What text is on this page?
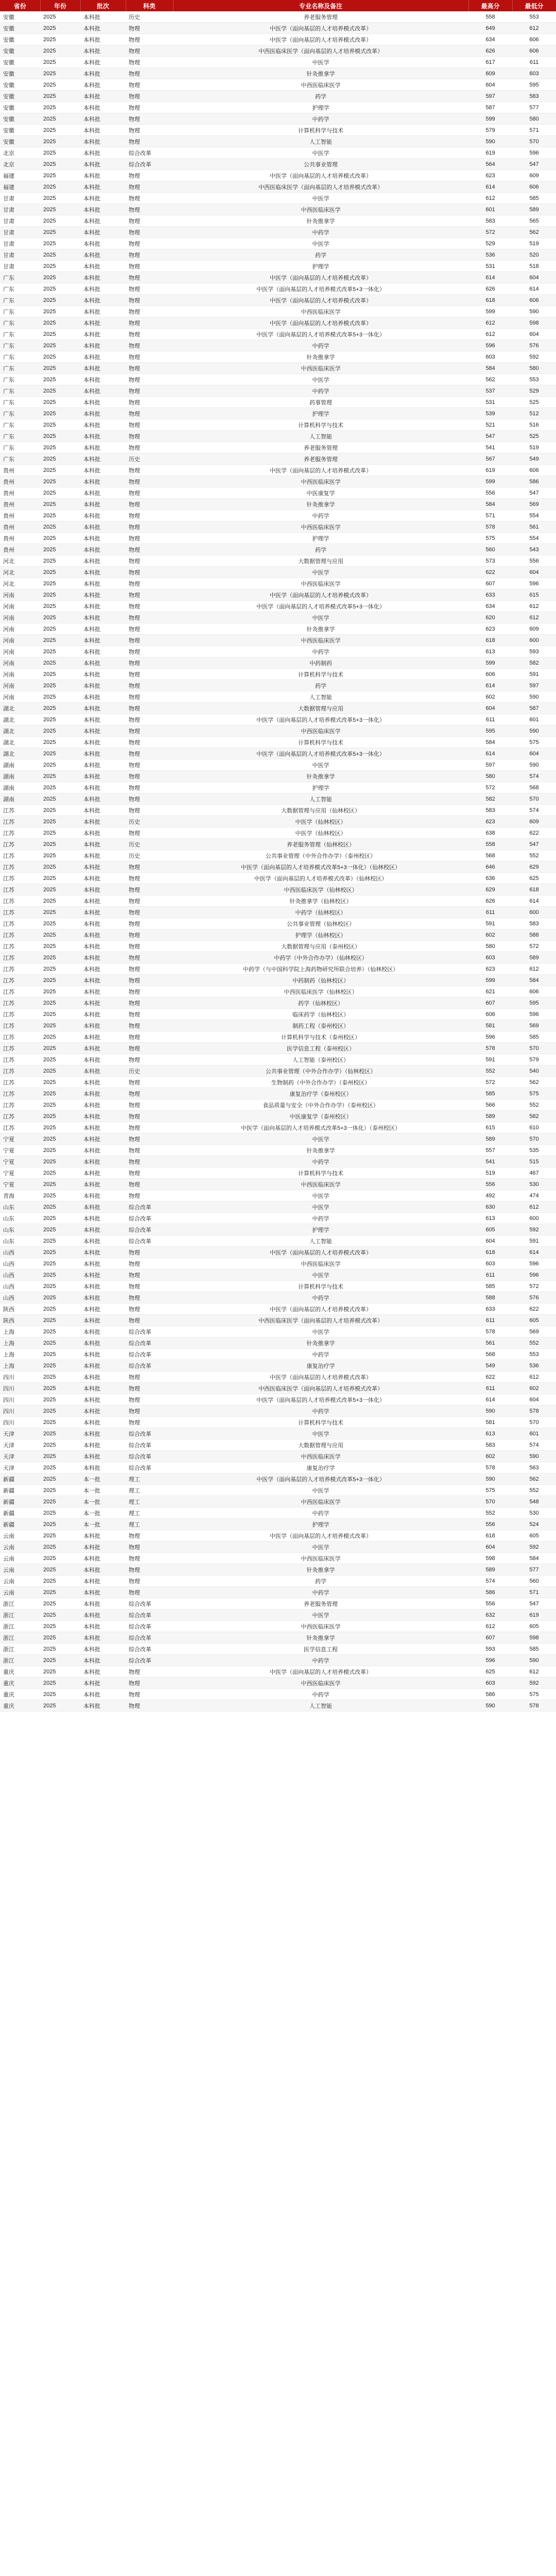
省份	年份	批次	科类	专业名称及备注	最高分	最低分
安徽	2025	本科批	历史	养老服务管理	558	553
安徽	2025	本科批	物理	中医学（面向基层的人才培养模式改革）	649	612
安徽	2025	本科批	物理	中医学（面向基层的人才培养模式改革）	634	606
安徽	2025	本科批	物理	中西医临床医学（面向基层的人才培养模式改革）	626	606
安徽	2025	本科批	物理	中医学	617	611
安徽	2025	本科批	物理	针灸推拿学	609	603
安徽	2025	本科批	物理	中西医临床医学	604	595
安徽	2025	本科批	物理	药学	597	583
安徽	2025	本科批	物理	护理学	587	577
安徽	2025	本科批	物理	中药学	599	580
安徽	2025	本科批	物理	计算机科学与技术	579	571
安徽	2025	本科批	物理	人工智能	590	570
北京	2025	本科批	综合改革	中医学	619	596
北京	2025	本科批	综合改革	公共事业管理	564	547
福建	2025	本科批	物理	中医学（面向基层的人才培养模式改革）	623	609
福建	2025	本科批	物理	中西医临床医学（面向基层的人才培养模式改革）	614	606
甘肃	2025	本科批	物理	中医学	612	585
甘肃	2025	本科批	物理	中西医临床医学	601	589
甘肃	2025	本科批	物理	针灸推拿学	583	565
甘肃	2025	本科批	物理	中药学	572	562
甘肃	2025	本科批	物理	中医学	529	519
甘肃	2025	本科批	物理	药学	536	520
甘肃	2025	本科批	物理	护理学	531	518
广东	2025	本科批	物理	中医学（面向基层的人才培养模式改革）	614	604
广东	2025	本科批	物理	中医学（面向基层的人才培养模式改革5+3一体化）	626	614
广东	2025	本科批	物理	中医学（面向基层的人才培养模式改革）	618	606
广东	2025	本科批	物理	中西医临床医学	599	590
广东	2025	本科批	物理	中医学（面向基层的人才培养模式改革）	612	598
广东	2025	本科批	物理	中医学（面向基层的人才培养模式改革5+3一体化）	612	604
广东	2025	本科批	物理	中药学	596	576
广东	2025	本科批	物理	针灸推拿学	603	592
广东	2025	本科批	物理	中西医临床医学	584	580
广东	2025	本科批	物理	中医学	562	553
广东	2025	本科批	物理	中药学	537	529
广东	2025	本科批	物理	药事管理	531	525
广东	2025	本科批	物理	护理学	539	512
广东	2025	本科批	物理	计算机科学与技术	521	516
广东	2025	本科批	物理	人工智能	547	525
广东	2025	本科批	物理	养老服务管理	541	519
广东	2025	本科批	历史	养老服务管理	567	549
贵州	2025	本科批	物理	中医学（面向基层的人才培养模式改革）	619	606
贵州	2025	本科批	物理	中西医临床医学	599	586
贵州	2025	本科批	物理	中医康复学	556	547
贵州	2025	本科批	物理	针灸推拿学	584	569
贵州	2025	本科批	物理	中药学	571	554
贵州	2025	本科批	物理	中西医临床医学	578	561
贵州	2025	本科批	物理	护理学	575	554
贵州	2025	本科批	物理	药学	560	543
河北	2025	本科批	物理	大数据管理与应用	573	556
河北	2025	本科批	物理	中医学	622	604
河北	2025	本科批	物理	中西医临床医学	607	596
河南	2025	本科批	物理	中医学（面向基层的人才培养模式改革）	633	615
河南	2025	本科批	物理	中医学（面向基层的人才培养模式改革5+3一体化）	634	612
河南	2025	本科批	物理	中医学	620	612
河南	2025	本科批	物理	针灸推拿学	623	609
河南	2025	本科批	物理	中西医临床医学	618	600
河南	2025	本科批	物理	中药学	613	593
河南	2025	本科批	物理	中药制药	599	582
河南	2025	本科批	物理	计算机科学与技术	606	591
河南	2025	本科批	物理	药学	614	597
河南	2025	本科批	物理	人工智能	602	590
湖北	2025	本科批	物理	大数据管理与应用	604	587
湖北	2025	本科批	物理	中医学（面向基层的人才培养模式改革5+3一体化）	611	601
湖北	2025	本科批	物理	中西医临床医学	595	590
湖北	2025	本科批	物理	计算机科学与技术	584	575
湖北	2025	本科批	物理	中医学（面向基层的人才培养模式改革5+3一体化）	614	604
湖南	2025	本科批	物理	中医学	597	590
湖南	2025	本科批	物理	针灸推拿学	580	574
湖南	2025	本科批	物理	护理学	572	568
湖南	2025	本科批	物理	人工智能	582	570
江苏	2025	本科批	物理	大数据管理与应用（仙林校区）	583	574
江苏	2025	本科批	历史	中医学（仙林校区）	623	609
江苏	2025	本科批	物理	中医学（仙林校区）	638	622
江苏	2025	本科批	历史	养老服务管理（仙林校区）	558	547
江苏	2025	本科批	历史	公共事业管理（中外合作办学）（泰州校区）	568	552
江苏	2025	本科批	物理	中医学（面向基层的人才培养模式改革5+3一体化）（仙林校区）	646	629
江苏	2025	本科批	物理	中医学（面向基层的人才培养模式改革）（仙林校区）	636	625
江苏	2025	本科批	物理	中西医临床医学（仙林校区）	629	618
江苏	2025	本科批	物理	针灸推拿学（仙林校区）	626	614
江苏	2025	本科批	物理	中药学（仙林校区）	611	600
江苏	2025	本科批	物理	公共事业管理（仙林校区）	591	583
江苏	2025	本科批	物理	护理学（仙林校区）	602	588
江苏	2025	本科批	物理	大数据管理与应用（泰州校区）	580	572
江苏	2025	本科批	物理	中药学（中外合作办学）（仙林校区）	603	589
江苏	2025	本科批	物理	中药学（与中国科学院上海药物研究所联合培养）（仙林校区）	623	612
江苏	2025	本科批	物理	中药制药（仙林校区）	599	584
江苏	2025	本科批	物理	中西医临床医学（仙林校区）	621	606
江苏	2025	本科批	物理	药学（仙林校区）	607	595
江苏	2025	本科批	物理	临床药学（仙林校区）	606	596
江苏	2025	本科批	物理	制药工程（泰州校区）	581	569
江苏	2025	本科批	物理	计算机科学与技术（泰州校区）	596	585
江苏	2025	本科批	物理	医学信息工程（泰州校区）	578	570
江苏	2025	本科批	物理	人工智能（泰州校区）	591	579
江苏	2025	本科批	历史	公共事业管理（中外合作办学）（仙林校区）	552	540
江苏	2025	本科批	物理	生物制药（中外合作办学）（泰州校区）	572	562
江苏	2025	本科批	物理	康复治疗学（泰州校区）	585	575
江苏	2025	本科批	物理	食品质量与安全（中外合作办学）（泰州校区）	566	552
江苏	2025	本科批	物理	中医康复学（泰州校区）	589	582
江苏	2025	本科批	物理	中医学（面向基层的人才培养模式改革5+3一体化）（泰州校区）	615	610
宁夏	2025	本科批	物理	中医学	589	570
宁夏	2025	本科批	物理	针灸推拿学	557	535
宁夏	2025	本科批	物理	中药学	541	515
宁夏	2025	本科批	物理	计算机科学与技术	519	467
宁夏	2025	本科批	物理	中西医临床医学	556	530
青海	2025	本科批	物理	中医学	492	474
山东	2025	本科批	综合改革	中医学	630	612
山东	2025	本科批	综合改革	中药学	613	600
山东	2025	本科批	综合改革	护理学	605	592
山东	2025	本科批	综合改革	人工智能	604	591
山西	2025	本科批	物理	中医学（面向基层的人才培养模式改革）	618	614
山西	2025	本科批	物理	中西医临床医学	603	596
山西	2025	本科批	物理	中医学	611	596
山西	2025	本科批	物理	计算机科学与技术	585	572
山西	2025	本科批	物理	中药学	588	576
陕西	2025	本科批	物理	中医学（面向基层的人才培养模式改革）	633	622
陕西	2025	本科批	物理	中西医临床医学（面向基层的人才培养模式改革）	611	605
上海	2025	本科批	综合改革	中医学	578	569
上海	2025	本科批	综合改革	针灸推拿学	561	552
上海	2025	本科批	综合改革	中药学	568	553
上海	2025	本科批	综合改革	康复治疗学	549	536
四川	2025	本科批	物理	中医学（面向基层的人才培养模式改革）	622	612
四川	2025	本科批	物理	中西医临床医学（面向基层的人才培养模式改革）	611	602
四川	2025	本科批	物理	中医学（面向基层的人才培养模式改革5+3一体化）	614	604
四川	2025	本科批	物理	中药学	590	578
四川	2025	本科批	物理	计算机科学与技术	581	570
天津	2025	本科批	综合改革	中医学	613	601
天津	2025	本科批	综合改革	大数据管理与应用	583	574
天津	2025	本科批	综合改革	中西医临床医学	602	590
天津	2025	本科批	综合改革	康复治疗学	578	563
新疆	2025	本一批	理工	中医学（面向基层的人才培养模式改革5+3一体化）	590	562
新疆	2025	本一批	理工	中医学	575	552
新疆	2025	本一批	理工	中西医临床医学	570	548
新疆	2025	本一批	理工	中药学	552	530
新疆	2025	本一批	理工	护理学	556	524
云南	2025	本科批	物理	中医学（面向基层的人才培养模式改革）	618	605
云南	2025	本科批	物理	中医学	604	592
云南	2025	本科批	物理	中西医临床医学	598	584
云南	2025	本科批	物理	针灸推拿学	589	577
云南	2025	本科批	物理	药学	574	560
云南	2025	本科批	物理	中药学	586	571
浙江	2025	本科批	综合改革	养老服务管理	556	547
浙江	2025	本科批	综合改革	中医学	632	619
浙江	2025	本科批	综合改革	中西医临床医学	612	605
浙江	2025	本科批	综合改革	针灸推拿学	607	598
浙江	2025	本科批	综合改革	医学信息工程	593	585
浙江	2025	本科批	综合改革	中药学	596	590
重庆	2025	本科批	物理	中医学（面向基层的人才培养模式改革）	625	612
重庆	2025	本科批	物理	中西医临床医学	603	592
重庆	2025	本科批	物理	中药学	586	575
重庆	2025	本科批	物理	人工智能	590	578
